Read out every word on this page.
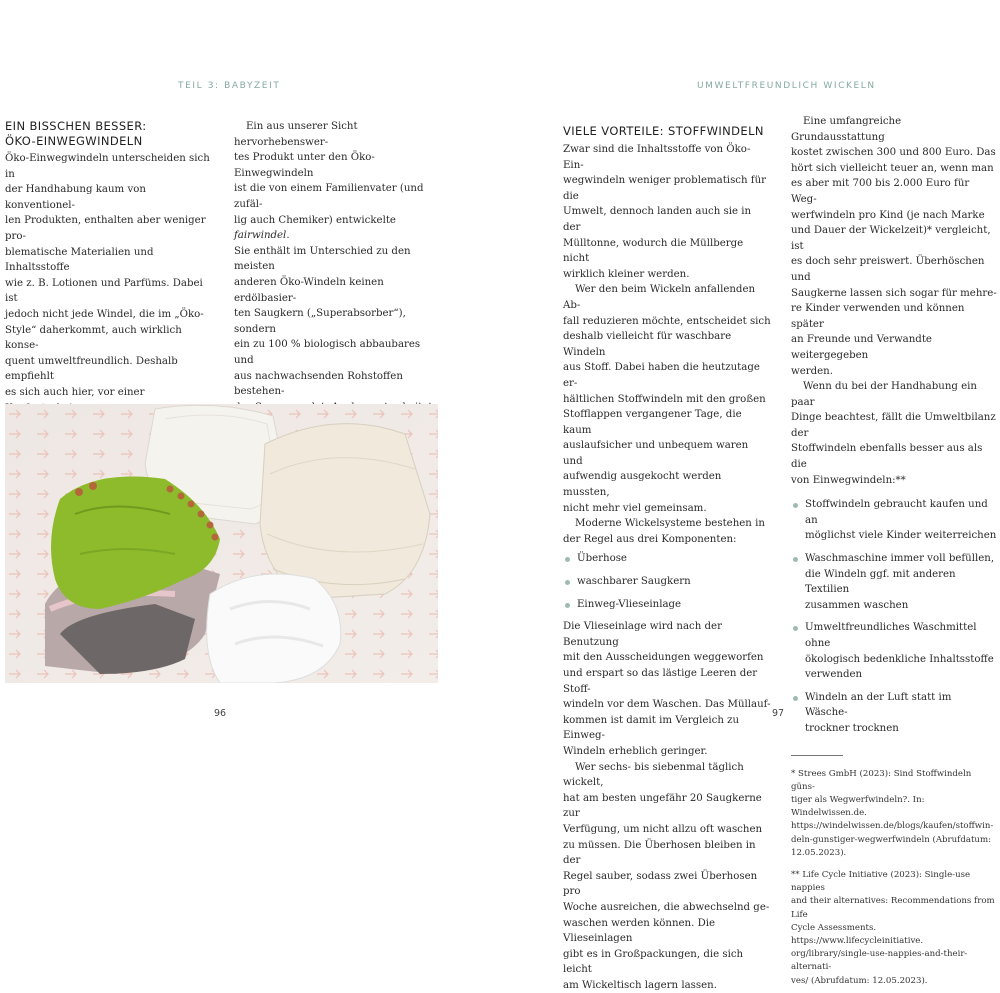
TEIL 3: BABYZEIT	UMWELTFREUNDLICH WICKELN
EIN BISSCHEN BESSER:
ÖKO-EINWEGWINDELN

Öko-Einwegwindeln unterscheiden sich in
der Handhabung kaum von konventionel-
len Produkten, enthalten aber weniger pro-
blematische Materialien und Inhaltsstoffe
wie z. B. Lotionen und Parfüms. Dabei ist
jedoch nicht jede Windel, die im „Öko-
Style“ daherkommt, auch wirklich konse-
quent umweltfreundlich. Deshalb empfiehlt
es sich auch hier, vor einer

Ein aus unserer Sicht hervorhebenswer-
tes Produkt unter den Öko-Einwegwindeln
ist die von einem Familienvater (und zufäl-
lig auch Chemiker) entwickelte fairwindel.
Sie enthält im Unterschied zu den meisten
anderen Öko-Windeln keinen erdölbasier-
ten Saugkern („Superabsorber“), sondern
ein zu 100 % biologisch abbaubares und
aus nachwachsenden Rohstoffen bestehen-

VIELE VORTEILE: STOFFWINDELN

Zwar sind die Inhaltsstoffe von Öko-Ein-
wegwindeln weniger problematisch für die
Umwelt, dennoch landen auch sie in der
Mülltonne, wodurch die Müllberge nicht
wirklich kleiner werden.

Wer den beim Wickeln anfallenden Ab-
fall reduzieren möchte, entscheidet sich
deshalb vielleicht für waschbare Windeln
aus Stoff. Dabei haben die heutzutage er-
hältlichen Stoffwindeln mit den großen
Stofflappen vergangener Tage, die kaum
auslaufsicher und unbequem waren und
aufwendig ausgekocht werden mussten,
nicht mehr viel gemeinsam.

Moderne Wickelsysteme bestehen in
der Regel aus drei Komponenten:

Überhose
waschbarer Saugkern
Einweg-Vlieseinlage

Die Vlieseinlage wird nach der Benutzung
mit den Ausscheidungen weggeworfen
und erspart so das lästige Leeren der Stoff-
windeln vor dem Waschen. Das Müllauf-
kommen ist damit im Vergleich zu Einweg-
Windeln erheblich geringer.

Wer sechs- bis siebenmal täglich wickelt,
hat am besten ungefähr 20 Saugkerne zur
Verfügung, um nicht allzu oft waschen
zu müssen. Die Überhosen bleiben in der
Regel sauber, sodass zwei Überhosen pro
Woche ausreichen, die abwechselnd ge-
waschen werden können. Die Vlieseinlagen
gibt es in Großpackungen, die sich leicht
am Wickeltisch lagern lassen.

Eine umfangreiche Grundausstattung
kostet zwischen 300 und 800 Euro. Das
hört sich vielleicht teuer an, wenn man
es aber mit 700 bis 2.000 Euro für Weg-
werfwindeln pro Kind (je nach Marke
und Dauer der Wickelzeit)* vergleicht, ist
es doch sehr preiswert. Überhöschen und
Saugkerne lassen sich sogar für mehre-
re Kinder verwenden und können später
an Freunde und Verwandte weitergegeben
werden.

Wenn du bei der Handhabung ein paar
Dinge beachtest, fällt die Umweltbilanz der
Stoffwindeln ebenfalls besser aus als die
von Einwegwindeln:**

Stoffwindeln gebraucht kaufen und an
möglichst viele Kinder weiterreichen
Waschmaschine immer voll befüllen,
die Windeln ggf. mit anderen Textilien
zusammen waschen
Umweltfreundliches Waschmittel ohne
ökologisch bedenkliche Inhaltsstoffe
verwenden
Windeln an der Luft statt im Wäsche-
trockner trocknen
* Strees GmbH (2023): Sind Stoffwindeln güns-
tiger als Wegwerfwindeln?. In: Windelwissen.de.
https://windelwissen.de/blogs/kaufen/stoffwin-
deln-gunstiger-wegwerfwindeln (Abrufdatum:
12.05.2023).
** Life Cycle Initiative (2023): Single-use nappies
and their alternatives: Recommendations from Life
Cycle Assessments. https://www.lifecycleinitiative.
org/library/single-use-nappies-and-their-alternati-
ves/ (Abrufdatum: 12.05.2023).
96	97
